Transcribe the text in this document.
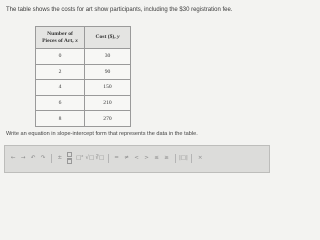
The table shows the costs for art show participants, including the $30 registration fee.
Number of
Pieces of Art, x	Cost ($), y
0	30
2	90
4	150
6	210
8	270
Write an equation in slope-intercept form that represents the data in the table.
← → ↶ ↷	±	□² √□ ∛□	= ≠ < > ≤ ≥	|□|	×
